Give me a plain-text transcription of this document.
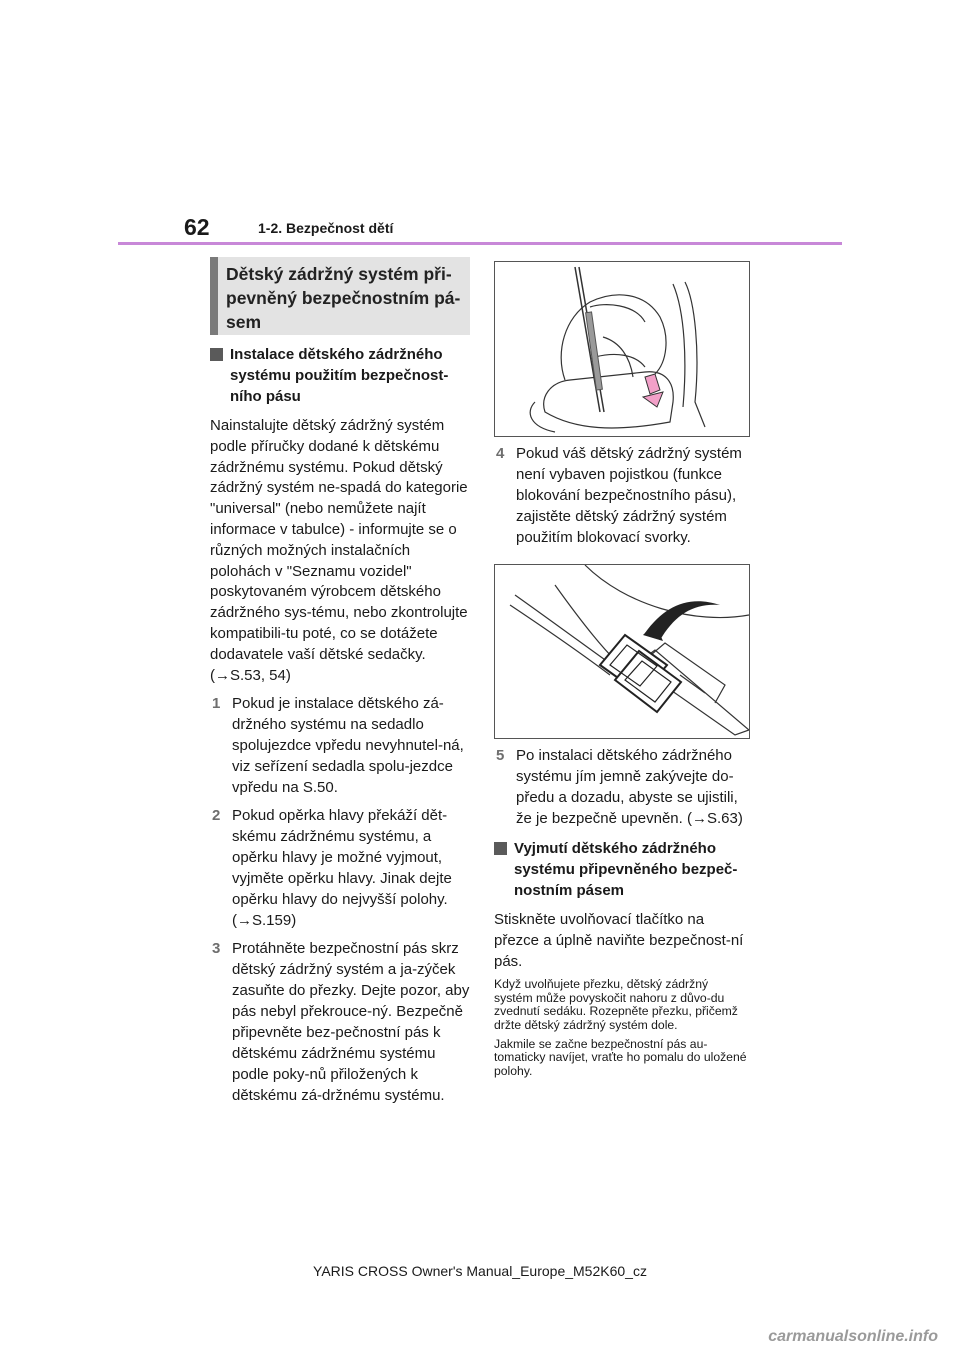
62	1-2. Bezpečnost dětí
Dětský zádržný systém při-pevněný bezpečnostním pá-sem
Instalace dětského zádržného systému použitím bezpečnost-ního pásu
Nainstalujte dětský zádržný systém podle příručky dodané k dětskému zádržnému systému. Pokud dětský zádržný systém ne-spadá do kategorie "universal" (nebo nemůžete najít informace v tabulce) - informujte se o různých možných instalačních polohách v "Seznamu vozidel" poskytovaném výrobcem dětského zádržného sys-tému, nebo zkontrolujte kompatibili-tu poté, co se dotážete dodavatele vaší dětské sedačky. (→S.53, 54)
1 Pokud je instalace dětského zá-držného systému na sedadlo spolujezdce vpředu nevyhnutel-ná, viz seřízení sedadla spolu-jezdce vpředu na S.50.
2 Pokud opěrka hlavy překáží dět-skému zádržnému systému, a opěrku hlavy je možné vyjmout, vyjměte opěrku hlavy. Jinak dejte opěrku hlavy do nejvyšší polohy. (→S.159)
3 Protáhněte bezpečnostní pás skrz dětský zádržný systém a ja-zýček zasuňte do přezky. Dejte pozor, aby pás nebyl překrouce-ný. Bezpečně připevněte bez-pečnostní pás k dětskému zádržnému systému podle poky-nů přiložených k dětskému zá-držnému systému.
4 Pokud váš dětský zádržný systém není vybaven pojistkou (funkce blokování bezpečnostního pásu), zajistěte dětský zádržný systém použitím blokovací svorky.
5 Po instalaci dětského zádržného systému jím jemně zakývejte do-předu a dozadu, abyste se ujistili, že je bezpečně upevněn. (→S.63)
Vyjmutí dětského zádržného systému připevněného bezpeč-nostním pásem
Stiskněte uvolňovací tlačítko na přezce a úplně naviňte bezpečnost-ní pás.
Když uvolňujete přezku, dětský zádržný systém může povyskočit nahoru z důvo-du zvednutí sedáku. Rozepněte přezku, přičemž držte dětský zádržný systém dole.
Jakmile se začne bezpečnostní pás au-tomaticky navíjet, vraťte ho pomalu do uložené polohy.
YARIS CROSS Owner's Manual_Europe_M52K60_cz
carmanualsonline.info
